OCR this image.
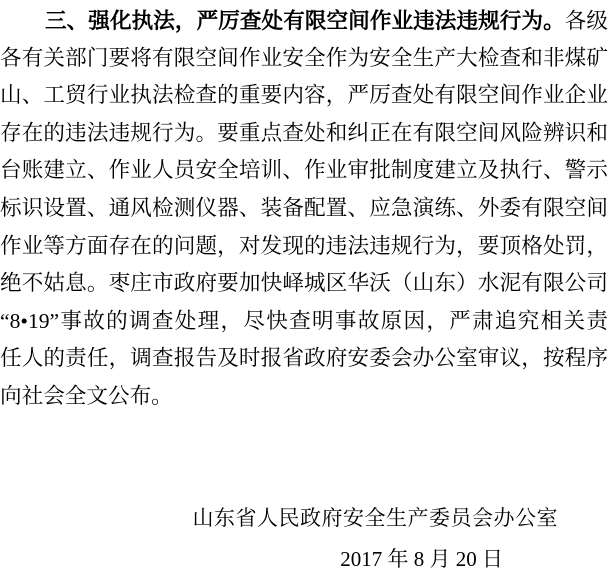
三、强化执法，严厉查处有限空间作业违法违规行为。各级
各有关部门要将有限空间作业安全作为安全生产大检查和非煤矿
山、工贸行业执法检查的重要内容，严厉查处有限空间作业企业
存在的违法违规行为。要重点查处和纠正在有限空间风险辨识和
台账建立、作业人员安全培训、作业审批制度建立及执行、警示
标识设置、通风检测仪器、装备配置、应急演练、外委有限空间
作业等方面存在的问题，对发现的违法违规行为，要顶格处罚，
绝不姑息。枣庄市政府要加快峄城区华沃（山东）水泥有限公司
“8•19”事故的调查处理，尽快查明事故原因，严肃追究相关责
任人的责任，调查报告及时报省政府安委会办公室审议，按程序
向社会全文公布。
山东省人民政府安全生产委员会办公室
2017 年 8 月 20 日
